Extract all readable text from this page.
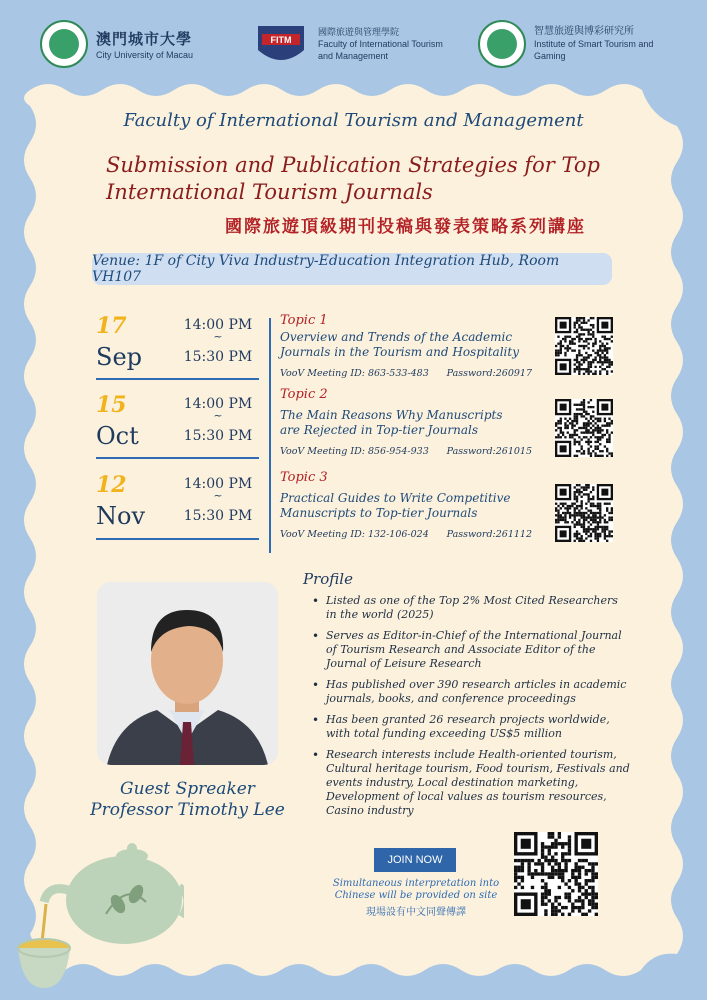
澳門城市大學
City University of Macau
FITM
國際旅遊與管理學院
Faculty of International Tourism
and Management
智慧旅遊與博彩研究所
Institute of Smart Tourism and
Gaming
Faculty of International Tourism and Management
Submission and Publication Strategies for Top
International Tourism Journals
國際旅遊頂級期刊投稿與發表策略系列講座
Venue: 1F of City Viva Industry-Education Integration Hub, Room VH107
17
Sep
14:00 PM
~
15:30 PM
Topic 1
Overview and Trends of the Academic
Journals in the Tourism and Hospitality
VooV Meeting ID: 863-533-483 Password:260917
15
Oct
14:00 PM
~
15:30 PM
Topic 2
The Main Reasons Why Manuscripts
are Rejected in Top-tier Journals
VooV Meeting ID: 856-954-933 Password:261015
12
Nov
14:00 PM
~
15:30 PM
Topic 3
Practical Guides to Write Competitive
Manuscripts to Top-tier Journals
VooV Meeting ID: 132-106-024 Password:261112
Guest Spreaker
Professor Timothy Lee
Profile
• Listed as one of the Top 2% Most Cited Researchers in the world (2025)
• Serves as Editor-in-Chief of the International Journal of Tourism Research and Associate Editor of the Journal of Leisure Research
• Has published over 390 research articles in academic journals, books, and conference proceedings
• Has been granted 26 research projects worldwide, with total funding exceeding US$5 million
• Research interests include Health-oriented tourism, Cultural heritage tourism, Food tourism, Festivals and events industry, Local destination marketing, Development of local values as tourism resources, Casino industry
JOIN NOW
Simultaneous interpretation into
Chinese will be provided on site
現場設有中文同聲傳譯
